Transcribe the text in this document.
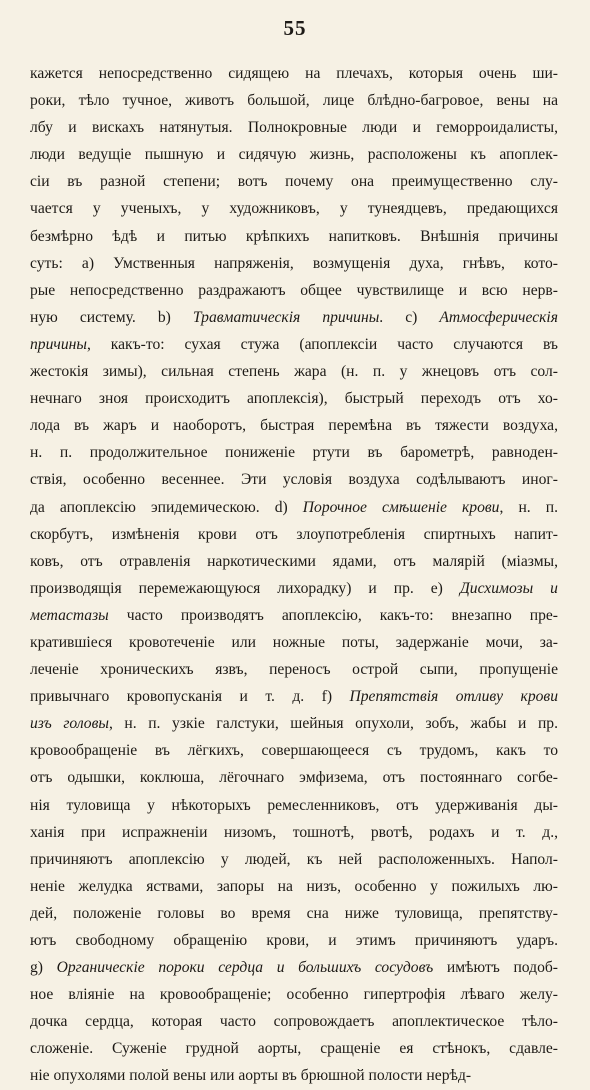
55
кажется непосредственно сидящею на плечахъ, которыя очень ши-
роки, тѣло тучное, животъ большой, лице блѣдно-багровое, вены на
лбу и вискахъ натянутыя. Полнокровные люди и геморроидалисты,
люди ведущіе пышную и сидячую жизнь, расположены къ апоплек-
сіи въ разной степени; вотъ почему она преимущественно слу-
чается у ученыхъ, у художниковъ, у тунеядцевъ, предающихся
безмѣрно ѣдѣ и питью крѣпкихъ напитковъ. Внѣшнія причины
суть: a) Умственныя напряженія, возмущенія духа, гнѣвъ, кото-
рые непосредственно раздражаютъ общее чувствилище и всю нерв-
ную систему. b) Травматическія причины. c) Атмосферическія
причины, какъ-то: сухая стужа (апоплексіи часто случаются въ
жестокія зимы), сильная степень жара (н. п. у жнецовъ отъ сол-
нечнаго зноя происходитъ апоплексія), быстрый переходъ отъ хо-
лода въ жаръ и наоборотъ, быстрая перемѣна въ тяжести воздуха,
н. п. продолжительное пониженіе ртути въ барометрѣ, равноден-
ствія, особенно весеннее. Эти условія воздуха содѣлываютъ иног-
да апоплексію эпидемическою. d) Порочное смѣшеніе крови, н. п.
скорбутъ, измѣненія крови отъ злоупотребленія спиртныхъ напит-
ковъ, отъ отравленія наркотическими ядами, отъ малярій (міазмы,
производящія перемежающуюся лихорадку) и пр. e) Дисхимозы и
метастазы часто производятъ апоплексію, какъ-то: внезапно пре-
кратившіеся кровотеченіе или ножные поты, задержаніе мочи, за-
леченіе хроническихъ язвъ, переносъ острой сыпи, пропущеніе
привычнаго кровопусканія и т. д. f) Препятствія отливу крови
изъ головы, н. п. узкіе галстуки, шейныя опухоли, зобъ, жабы и пр.
кровообращеніе въ лёгкихъ, совершающееся съ трудомъ, какъ то
отъ одышки, коклюша, лёгочнаго эмфизема, отъ постояннаго согбе-
нія туловища у нѣкоторыхъ ремесленниковъ, отъ удерживанія ды-
ханія при испражненіи низомъ, тошнотѣ, рвотѣ, родахъ и т. д.,
причиняютъ апоплексію у людей, къ ней расположенныхъ. Напол-
неніе желудка яствами, запоры на низъ, особенно у пожилыхъ лю-
дей, положеніе головы во время сна ниже туловища, препятству-
ютъ свободному обращенію крови, и этимъ причиняютъ ударъ.
g) Органическіе пороки сердца и большихъ сосудовъ имѣютъ подоб-
ное вліяніе на кровообращеніе; особенно гипертрофія лѣваго желу-
дочка сердца, которая часто сопровождаетъ апоплектическое тѣло-
сложеніе. Суженіе грудной аорты, сращеніе ея стѣнокъ, сдавле-
ніе опухолями полой вены или аорты въ брюшной полости нерѣд-
